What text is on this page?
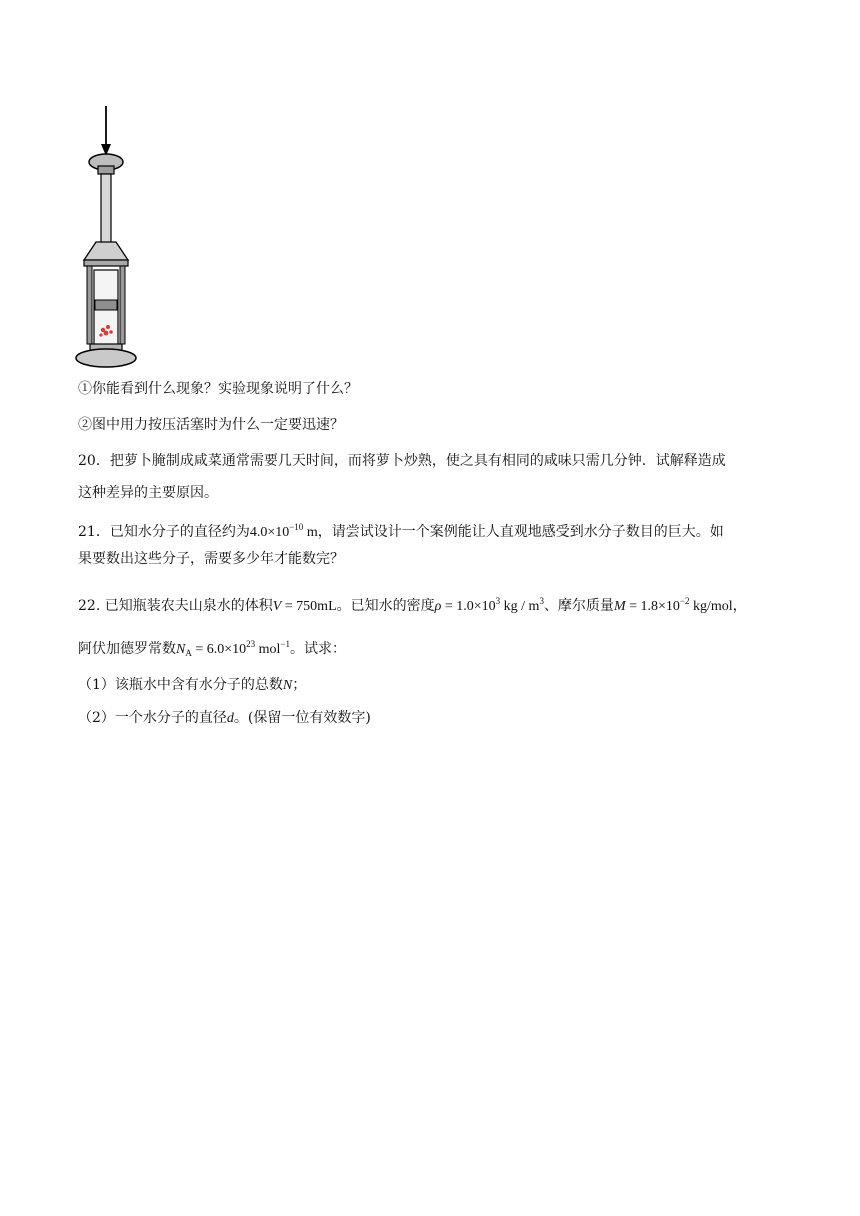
①你能看到什么现象？实验现象说明了什么？
②图中用力按压活塞时为什么一定要迅速？
20．把萝卜腌制成咸菜通常需要几天时间，而将萝卜炒熟，使之具有相同的咸味只需几分钟．试解释造成
这种差异的主要原因。
21．已知水分子的直径约为$4.0\times 10^{-10}$ m，请尝试设计一个案例能让人直观地感受到水分子数目的巨大。如
果要数出这些分子，需要多少年才能数完？
22. 已知瓶装农夫山泉水的体积V = 750mL。已知水的密度$\rho = 1.0\times 10^3$ kg / $m^3$、摩尔质量$M = 1.8\times 10^{-2}$ kg/mol，
阿伏加德罗常数$N_A = 6.0\times 10^{23}$ mol$^{-1}$。试求：
（1）该瓶水中含有水分子的总数N；
（2）一个水分子的直径d。(保留一位有效数字)
